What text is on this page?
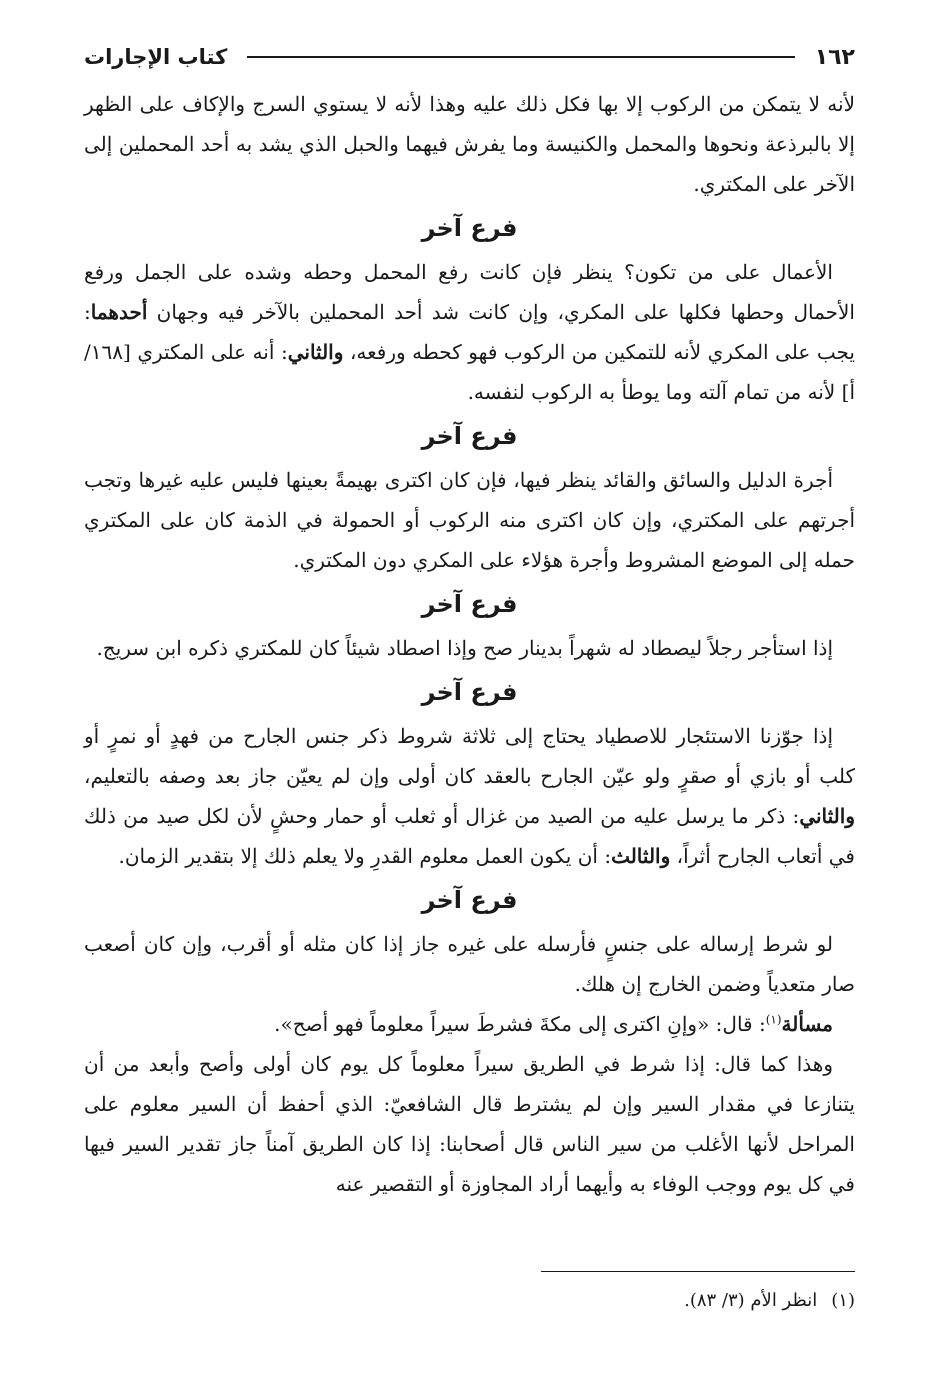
١٦٢
كتاب الإجارات

لأنه لا يتمكن من الركوب إلا بها فكل ذلك عليه وهذا لأنه لا يستوي السرج والإكاف على الظهر إلا بالبرذعة ونحوها والمحمل والكنيسة وما يفرش فيهما والحبل الذي يشد به أحد المحملين إلى الآخر على المكتري.

فرع آخر

الأعمال على من تكون؟ ينظر فإن كانت رفع المحمل وحطه وشده على الجمل ورفع الأحمال وحطها فكلها على المكري، وإن كانت شد أحد المحملين بالآخر فيه وجهان أحدهما: يجب على المكري لأنه للتمكين من الركوب فهو كحطه ورفعه، والثاني: أنه على المكتري [١٦٨/أ] لأنه من تمام آلته وما يوطأ به الركوب لنفسه.

فرع آخر

أجرة الدليل والسائق والقائد ينظر فيها، فإن كان اكترى بهيمةً بعينها فليس عليه غيرها وتجب أجرتهم على المكتري، وإن كان اكترى منه الركوب أو الحمولة في الذمة كان على المكتري حمله إلى الموضع المشروط وأجرة هؤلاء على المكري دون المكتري.

فرع آخر

إذا استأجر رجلاً ليصطاد له شهراً بدينار صح وإذا اصطاد شيئاً كان للمكتري ذكره ابن سريج.

فرع آخر

إذا جوّزنا الاستئجار للاصطياد يحتاج إلى ثلاثة شروط ذكر جنس الجارح من فهدٍ أو نمرٍ أو كلب أو بازي أو صقرٍ ولو عيّن الجارح بالعقد كان أولى وإن لم يعيّن جاز بعد وصفه بالتعليم، والثاني: ذكر ما يرسل عليه من الصيد من غزال أو ثعلب أو حمار وحشٍ لأن لكل صيد من ذلك في أتعاب الجارح أثراً، والثالث: أن يكون العمل معلوم القدرِ ولا يعلم ذلك إلا بتقدير الزمان.

فرع آخر

لو شرط إرساله على جنسٍ فأرسله على غيره جاز إذا كان مثله أو أقرب، وإن كان أصعب صار متعدياً وضمن الخارج إن هلك.

مسألة$^{(١)}$: قال: «وإنِ اكترى إلى مكةَ فشرطَ سيراً معلوماً فهو أصح».

وهذا كما قال: إذا شرط في الطريق سيراً معلوماً كل يوم كان أولى وأصح وأبعد من أن يتنازعا في مقدار السير وإن لم يشترط قال الشافعيّ: الذي أحفظ أن السير معلوم على المراحل لأنها الأغلب من سير الناس قال أصحابنا: إذا كان الطريق آمناً جاز تقدير السير فيها في كل يوم ووجب الوفاء به وأيهما أراد المجاوزة أو التقصير عنه

(١)انظر الأم (٣/ ٨٣).
